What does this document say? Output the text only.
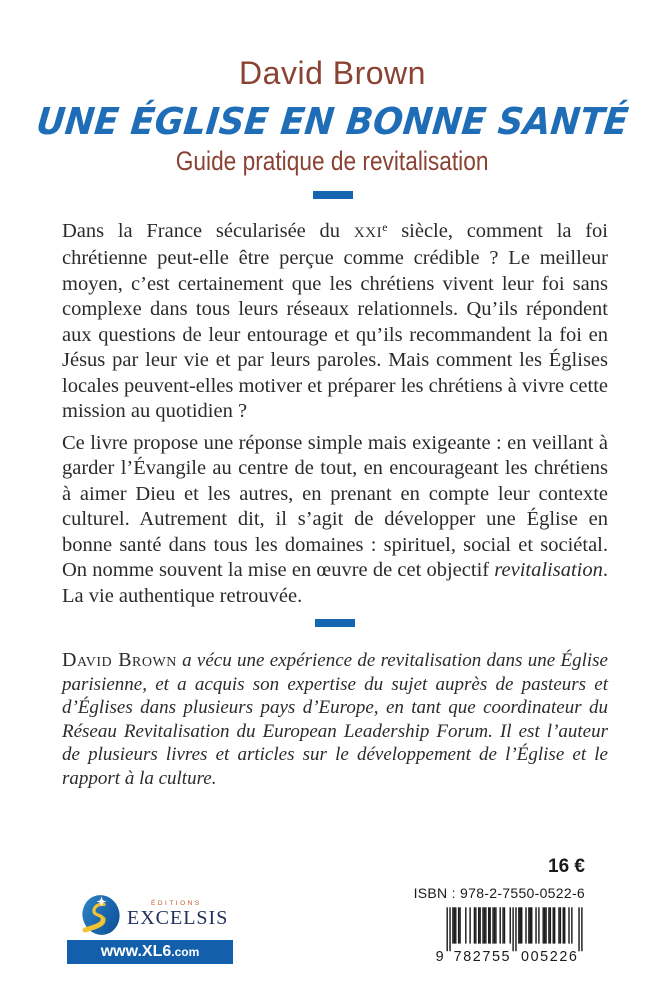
David Brown
UNE ÉGLISE EN BONNE SANTÉ
Guide pratique de revitalisation

Dans la France sécularisée du XXIe siècle, comment la foi chrétienne peut-elle être perçue comme crédible ? Le meilleur moyen, c’est certainement que les chrétiens vivent leur foi sans complexe dans tous leurs réseaux relationnels. Qu’ils répondent aux questions de leur entourage et qu’ils recommandent la foi en Jésus par leur vie et par leurs paroles. Mais comment les Églises locales peuvent-elles motiver et préparer les chrétiens à vivre cette mission au quotidien ?

Ce livre propose une réponse simple mais exigeante : en veillant à garder l’Évangile au centre de tout, en encourageant les chrétiens à aimer Dieu et les autres, en prenant en compte leur contexte culturel. Autrement dit, il s’agit de développer une Église en bonne santé dans tous les domaines : spirituel, social et sociétal. On nomme souvent la mise en œuvre de cet objectif revitalisation. La vie authentique retrouvée.

David Brown a vécu une expérience de revitalisation dans une Église parisienne, et a acquis son expertise du sujet auprès de pasteurs et d’Églises dans plusieurs pays d’Europe, en tant que coordinateur du Réseau Revitalisation du European Leadership Forum. Il est l’auteur de plusieurs livres et articles sur le développement de l’Église et le rapport à la culture.
16 €
ISBN : 978-2-7550-0522-6
9 782755 005226
ÉDITIONS
EXCELSIS
www.XL6.com
